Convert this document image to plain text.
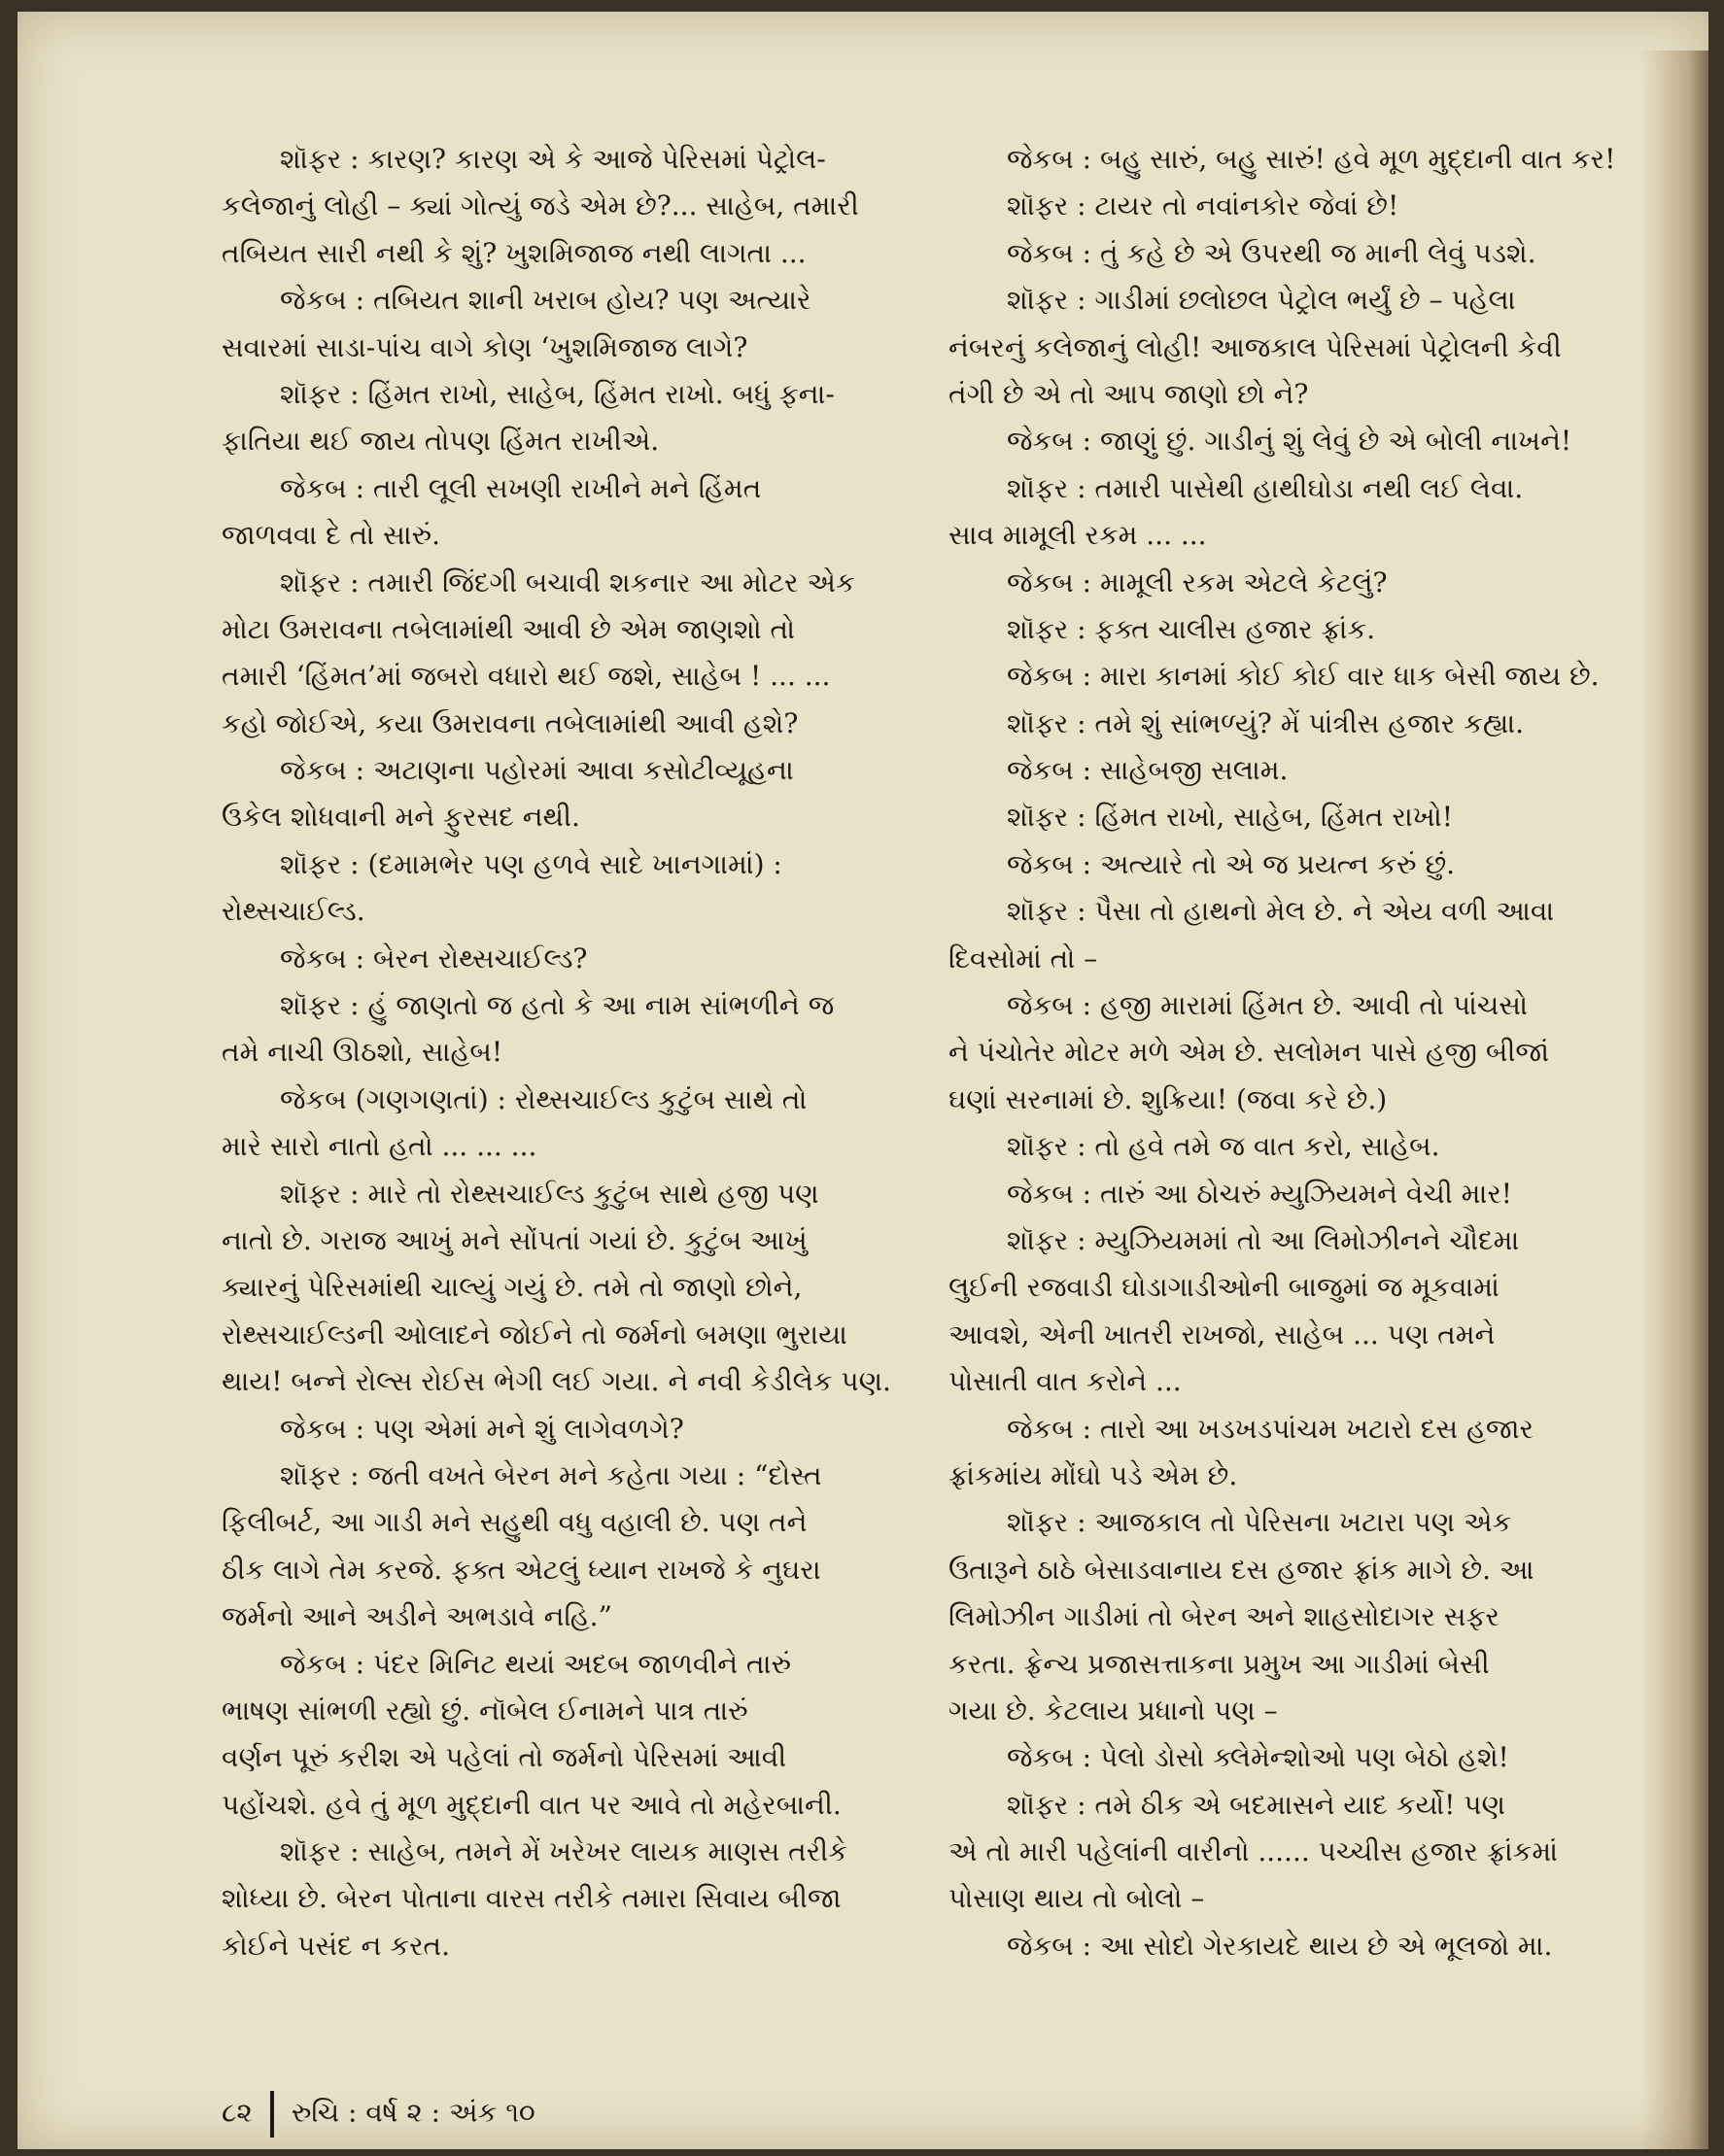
શૉફર : કારણ? કારણ એ કે આજે પેરિસમાં પેટ્રોલ-
કલેજાનું લોહી – ક્યાં ગોત્યું જડે એમ છે?... સાહેબ, તમારી
તબિયત સારી નથી કે શું? ખુશમિજાજ નથી લાગતા ...
જેકબ : તબિયત શાની ખરાબ હોય? પણ અત્યારે
સવારમાં સાડા-પાંચ વાગે કોણ ‘ખુશમિજાજ લાગે?
શૉફર : હિંમત રાખો, સાહેબ, હિંમત રાખો. બધું ફના-
ફાતિયા થઈ જાય તોપણ હિંમત રાખીએ.
જેકબ : તારી લૂલી સખણી રાખીને મને હિંમત
જાળવવા દે તો સારું.
શૉફર : તમારી જિંદગી બચાવી શકનાર આ મોટર એક
મોટા ઉમરાવના તબેલામાંથી આવી છે એમ જાણશો તો
તમારી ‘હિંમત’માં જબરો વધારો થઈ જશે, સાહેબ ! ... ...
કહો જોઈએ, કયા ઉમરાવના તબેલામાંથી આવી હશે?
જેકબ : અટાણના પહોરમાં આવા કસોટીવ્યૂહના
ઉકેલ શોધવાની મને ફુરસદ નથી.
શૉફર : (દમામભેર પણ હળવે સાદે ખાનગામાં) :
રોથ્સચાઈલ્ડ.
જેકબ : બેરન રોથ્સચાઈલ્ડ?
શૉફર : હું જાણતો જ હતો કે આ નામ સાંભળીને જ
તમે નાચી ઊઠશો, સાહેબ!
જેકબ (ગણગણતાં) : રોથ્સચાઈલ્ડ કુટુંબ સાથે તો
મારે સારો નાતો હતો ... ... ...
શૉફર : મારે તો રોથ્સચાઈલ્ડ કુટુંબ સાથે હજી પણ
નાતો છે. ગરાજ આખું મને સોંપતાં ગયાં છે. કુટુંબ આખું
ક્યારનું પેરિસમાંથી ચાલ્યું ગયું છે. તમે તો જાણો છોને,
રોથ્સચાઈલ્ડની ઓલાદને જોઈને તો જર્મનો બમણા ભુરાયા
થાય! બન્ને રોલ્સ રોઈસ ભેગી લઈ ગયા. ને નવી કેડીલેક પણ.
જેકબ : પણ એમાં મને શું લાગેવળગે?
શૉફર : જતી વખતે બેરન મને કહેતા ગયા : “દોસ્ત
ફિલીબર્ટ, આ ગાડી મને સહુથી વધુ વહાલી છે. પણ તને
ઠીક લાગે તેમ કરજે. ફક્ત એટલું ધ્યાન રાખજે કે નુઘરા
જર્મનો આને અડીને અભડાવે નહિ.”
જેકબ : પંદર મિનિટ થયાં અદબ જાળવીને તારું
ભાષણ સાંભળી રહ્યો છું. નૉબેલ ઈનામને પાત્ર તારું
વર્ણન પૂરું કરીશ એ પહેલાં તો જર્મનો પેરિસમાં આવી
પહોંચશે. હવે તું મૂળ મુદ્દાની વાત પર આવે તો મહેરબાની.
શૉફર : સાહેબ, તમને મેં ખરેખર લાયક માણસ તરીકે
શોધ્યા છે. બેરન પોતાના વારસ તરીકે તમારા સિવાય બીજા
કોઈને પસંદ ન કરત.
જેકબ : બહુ સારું, બહુ સારું! હવે મૂળ મુદ્દાની વાત કર!
શૉફર : ટાયર તો નવાંનકોર જેવાં છે!
જેકબ : તું કહે છે એ ઉપરથી જ માની લેવું પડશે.
શૉફર : ગાડીમાં છલોછલ પેટ્રોલ ભર્યું છે – પહેલા
નંબરનું કલેજાનું લોહી! આજકાલ પેરિસમાં પેટ્રોલની કેવી
તંગી છે એ તો આપ જાણો છો ને?
જેકબ : જાણું છું. ગાડીનું શું લેવું છે એ બોલી નાખને!
શૉફર : તમારી પાસેથી હાથીઘોડા નથી લઈ લેવા.
સાવ મામૂલી રકમ ... ...
જેકબ : મામૂલી રકમ એટલે કેટલું?
શૉફર : ફક્ત ચાલીસ હજાર ફ્રાંક.
જેકબ : મારા કાનમાં કોઈ કોઈ વાર ધાક બેસી જાય છે.
શૉફર : તમે શું સાંભળ્યું? મેં પાંત્રીસ હજાર કહ્યા.
જેકબ : સાહેબજી સલામ.
શૉફર : હિંમત રાખો, સાહેબ, હિંમત રાખો!
જેકબ : અત્યારે તો એ જ પ્રયત્ન કરું છું.
શૉફર : પૈસા તો હાથનો મેલ છે. ને એય વળી આવા
દિવસોમાં તો –
જેકબ : હજી મારામાં હિંમત છે. આવી તો પાંચસો
ને પંચોતેર મોટર મળે એમ છે. સલોમન પાસે હજી બીજાં
ઘણાં સરનામાં છે. શુક્રિયા! (જવા કરે છે.)
શૉફર : તો હવે તમે જ વાત કરો, સાહેબ.
જેકબ : તારું આ ઠોચરું મ્યુઝિયમને વેચી માર!
શૉફર : મ્યુઝિયમમાં તો આ લિમોઝીનને ચૌદમા
લુઈની રજવાડી ઘોડાગાડીઓની બાજુમાં જ મૂકવામાં
આવશે, એની ખાતરી રાખજો, સાહેબ ... પણ તમને
પોસાતી વાત કરોને ...
જેકબ : તારો આ ખડખડપાંચમ ખટારો દસ હજાર
ફ્રાંકમાંય મોંઘો પડે એમ છે.
શૉફર : આજકાલ તો પેરિસના ખટારા પણ એક
ઉતારૂને ઠાઠે બેસાડવાનાય દસ હજાર ફ્રાંક માગે છે. આ
લિમોઝીન ગાડીમાં તો બેરન અને શાહસોદાગર સફર
કરતા. ફ્રેન્ચ પ્રજાસત્તાકના પ્રમુખ આ ગાડીમાં બેસી
ગયા છે. કેટલાય પ્રધાનો પણ –
જેકબ : પેલો ડોસો ક્લેમેન્શોઓ પણ બેઠો હશે!
શૉફર : તમે ઠીક એ બદમાસને યાદ કર્યો! પણ
એ તો મારી પહેલાંની વારીનો ...... પચ્ચીસ હજાર ફ્રાંકમાં
પોસાણ થાય તો બોલો –
જેકબ : આ સોદો ગેરકાયદે થાય છે એ ભૂલજો મા.
૮૨ રુચિ : વર્ષ ૨ : અંક ૧૦
